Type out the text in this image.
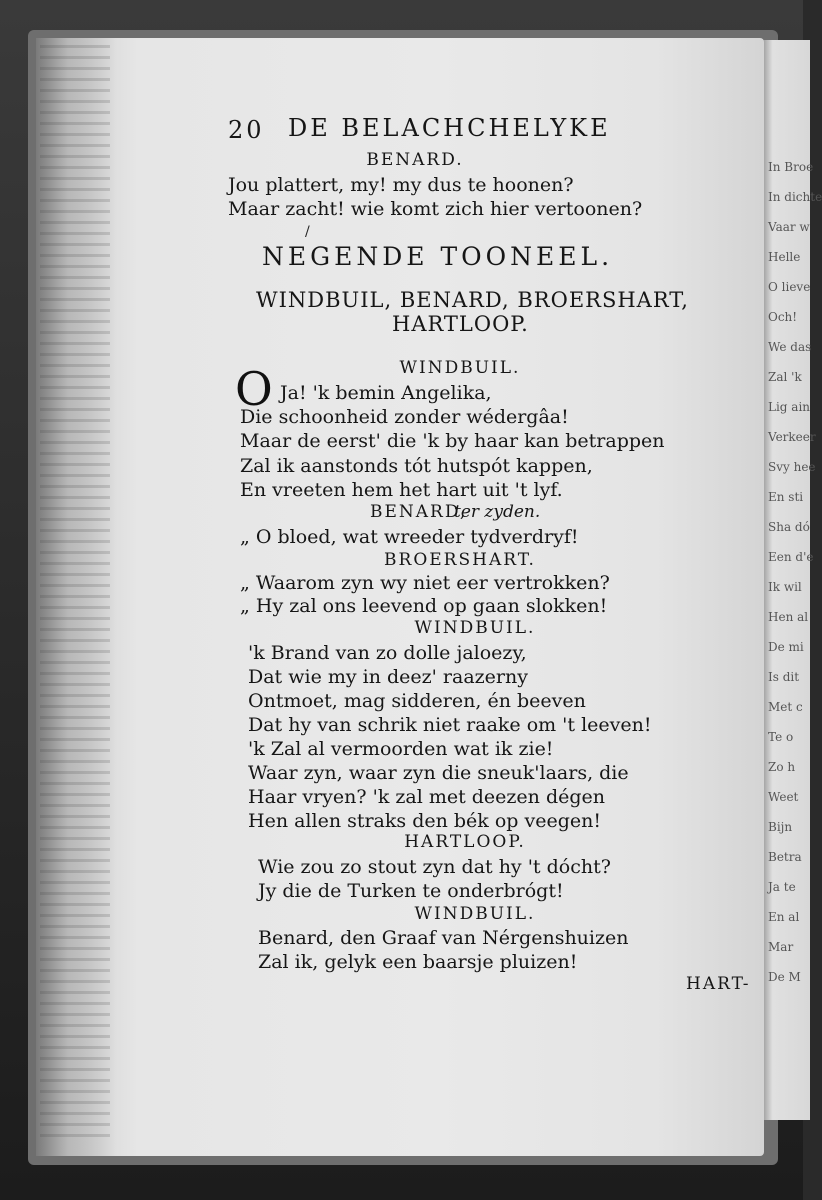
In Broe
In dichte
Vaar w
Helle
O lieve
Och!
We das
Zal 'k
Lig ain
Verkeer
Svy hee
En sti
Sha dó
Een d'e
Ik wil
Hen al
De mi
Is dit
Met c
Te o
Zo h
Weet
Bijn
Betra
Ja te
En al
Mar
De M
20 DE BELACHCHELYKE
BENARD.
Jou plattert, my! my dus te hoonen?
Maar zacht! wie komt zich hier vertoonen?
/
NEGENDE TOONEEL.
WINDBUIL, BENARD, BROERSHART,
HARTLOOP.
WINDBUIL.
O Ja! 'k bemin Angelika,
Die schoonheid zonder wédergâa!
Maar de eerst' die 'k by haar kan betrappen
Zal ik aanstonds tót hutspót kappen,
En vreeten hem het hart uit 't lyf.
BENARD,
ter zyden.
„ O bloed, wat wreeder tydverdryf!
BROERSHART.
„ Waarom zyn wy niet eer vertrokken?
„ Hy zal ons leevend op gaan slokken!
WINDBUIL.
'k Brand van zo dolle jaloezy,
Dat wie my in deez' raazerny
Ontmoet, mag sidderen, én beeven
Dat hy van schrik niet raake om 't leeven!
'k Zal al vermoorden wat ik zie!
Waar zyn, waar zyn die sneuk'laars, die
Haar vryen? 'k zal met deezen dégen
Hen allen straks den bék op veegen!
HARTLOOP.
Wie zou zo stout zyn dat hy 't dócht?
Jy die de Turken te onderbrógt!
WINDBUIL.
Benard, den Graaf van Nérgenshuizen
Zal ik, gelyk een baarsje pluizen!
HART-
